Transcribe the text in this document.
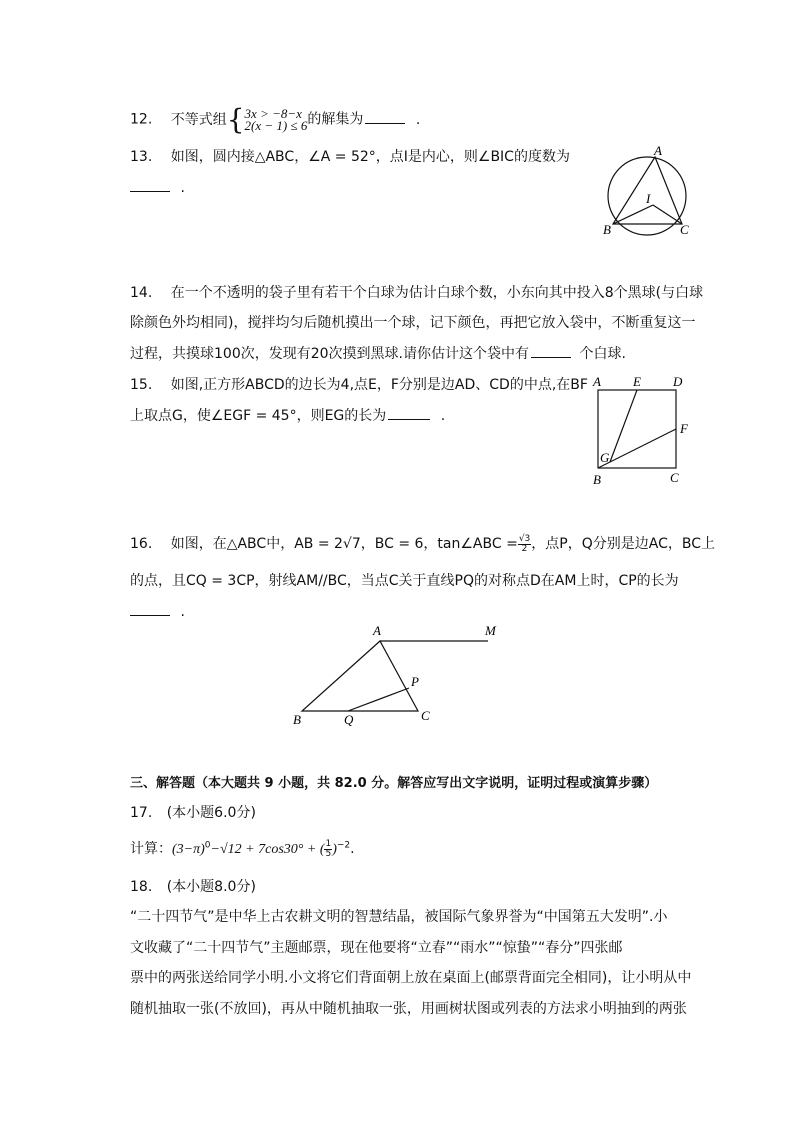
12. 不等式组{3x > −8−x
2(x − 1) ≤ 6的解集为	.
13. 如图，圆内接△ABC，∠A = 52°，点I是内心，则∠BIC的度数为
.
A
B	C
I
14. 在一个不透明的袋子里有若干个白球为估计白球个数，小东向其中投入8个黑球(与白球
除颜色外均相同)，搅拌均匀后随机摸出一个球，记下颜色，再把它放入袋中，不断重复这一
过程，共摸球100次，发现有20次摸到黑球.请你估计这个袋中有	个白球.
15. 如图,正方形ABCD的边长为4,点E，F分别是边AD、CD的中点,在BF
上取点G，使∠EGF = 45°，则EG的长为	.
A E D
F
G
B	C
16. 如图，在△ABC中，AB = 2√7，BC = 6，tan∠ABC = $\frac{√3}{2}$ ，点P，Q分别是边AC，BC上
的点，且CQ = 3CP，射线AM//BC，当点C关于直线PQ的对称点D在AM上时，CP的长为
.
A	M
P
B	Q	C
三、解答题（本大题共 9 小题，共 82.0 分。解答应写出文字说明，证明过程或演算步骤）
17. (本小题6.0分)
计算：$(3-\pi)^0-√12 + 7\cos 30^\circ$ + ( $\frac{1}{5} )^{-2}$.
18. (本小题8.0分)
“二十四节气”是中华上古农耕文明的智慧结晶，被国际气象界誉为“中国第五大发明”.小
文收藏了“二十四节气”主题邮票，现在他要将“立春”“雨水”“惊蛰”“春分”四张邮
票中的两张送给同学小明.小文将它们背面朝上放在桌面上(邮票背面完全相同)，让小明从中
随机抽取一张(不放回)，再从中随机抽取一张，用画树状图或列表的方法求小明抽到的两张
